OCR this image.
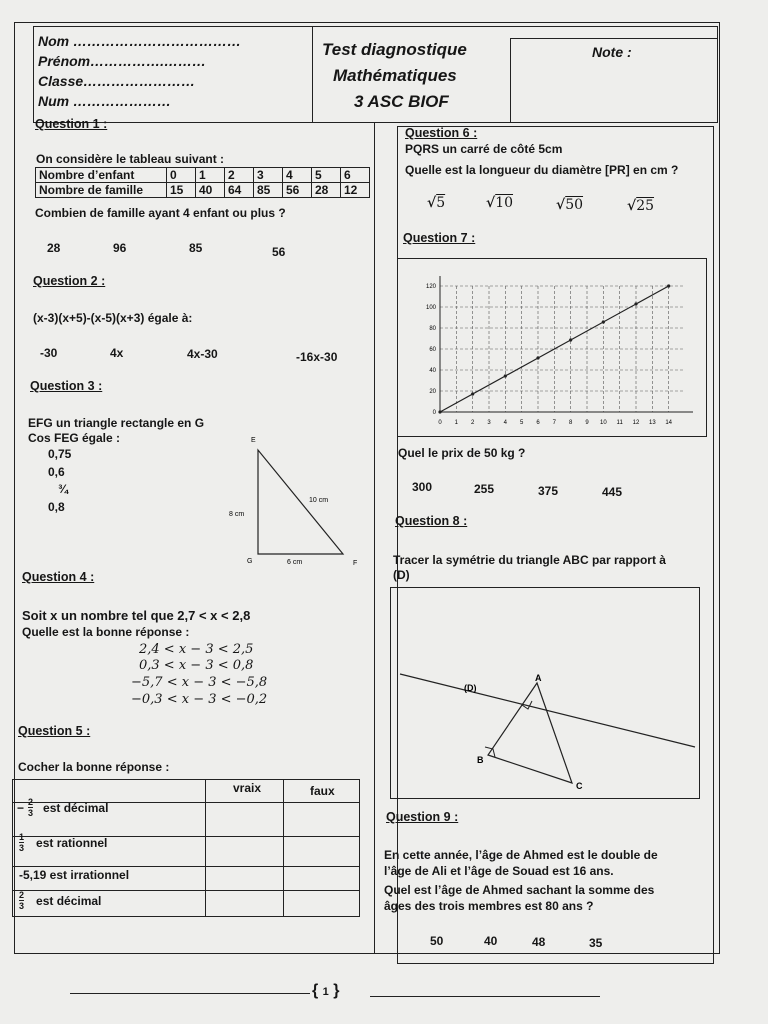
Nom ………………………………
Prénom…………….………
Classe……………………
Num …………………
Test diagnostique
Mathématiques
3 ASC BIOF
Note :
Question 1 :
On considère le tableau suivant :
Nombre d’enfant	0	1	2	3	4	5	6
Nombre de famille	15	40	64	85	56	28	12
Combien de famille ayant 4 enfant ou plus ?
28	96	85	56
Question 2 :
(x-3)(x+5)-(x-5)(x+3) égale à:
-30	4x	4x-30	-16x-30
Question 3 :
EFG un triangle rectangle en G
Cos FEG égale :
0,75
0,6
¾
0,8
E
G	F
10 cm
8 cm
6 cm
Question 4 :
Soit x un nombre tel que 2,7 < x < 2,8
Quelle est la bonne réponse :
2,4 < x − 3 < 2,5
0,3 < x − 3 < 0,8
−5,7 < x − 3 < −5,8
−0,3 < x − 3 < −0,2
Question 5 :
Cocher la bonne réponse :
vraix	faux
− $\frac{2}{3}$ est décimal
$\frac{1}{3}$ est rationnel
-5,19 est irrationnel
$\frac{2}{3}$ est décimal
Question 6 :
PQRS un carré de côté 5cm
Quelle est la longueur du diamètre [PR] en cm ?
√5	√10	√50	√25
Question 7 :
0 1 2 3 4 5 6 7 8 9 10 11 12 13 14
0
20
40
60
80
100
120
Quel le prix de 50 kg ?
300	255	375	445
Question 8 :
Tracer la symétrie du triangle ABC par rapport à
(D)
(D)
A
B
C
Question 9 :
En cette année, l’âge de Ahmed est le double de
l’âge de Ali et l’âge de Souad est 16 ans.
Quel est l’âge de Ahmed sachant la somme des
âges des trois membres est 80 ans ?
50	40	48	35
{ 1 }
